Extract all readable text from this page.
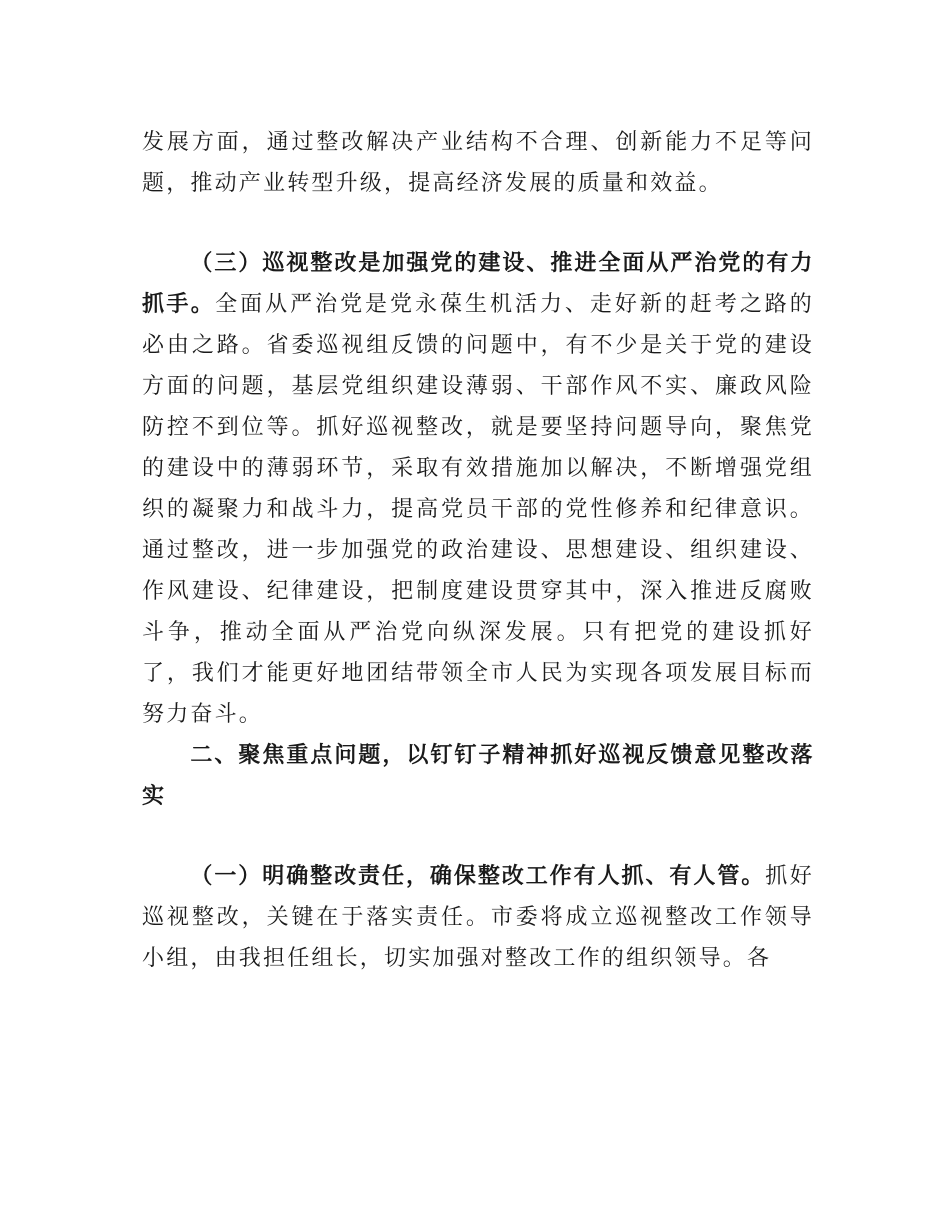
发展方面，通过整改解决产业结构不合理、创新能力不足等问题，推动产业转型升级，提高经济发展的质量和效益。

（三）巡视整改是加强党的建设、推进全面从严治党的有力抓手。全面从严治党是党永葆生机活力、走好新的赶考之路的必由之路。省委巡视组反馈的问题中，有不少是关于党的建设方面的问题，基层党组织建设薄弱、干部作风不实、廉政风险防控不到位等。抓好巡视整改，就是要坚持问题导向，聚焦党的建设中的薄弱环节，采取有效措施加以解决，不断增强党组织的凝聚力和战斗力，提高党员干部的党性修养和纪律意识。通过整改，进一步加强党的政治建设、思想建设、组织建设、作风建设、纪律建设，把制度建设贯穿其中，深入推进反腐败斗争，推动全面从严治党向纵深发展。只有把党的建设抓好了，我们才能更好地团结带领全市人民为实现各项发展目标而努力奋斗。

二、聚焦重点问题，以钉钉子精神抓好巡视反馈意见整改落实

（一）明确整改责任，确保整改工作有人抓、有人管。抓好巡视整改，关键在于落实责任。市委将成立巡视整改工作领导小组，由我担任组长，切实加强对整改工作的组织领导。各
